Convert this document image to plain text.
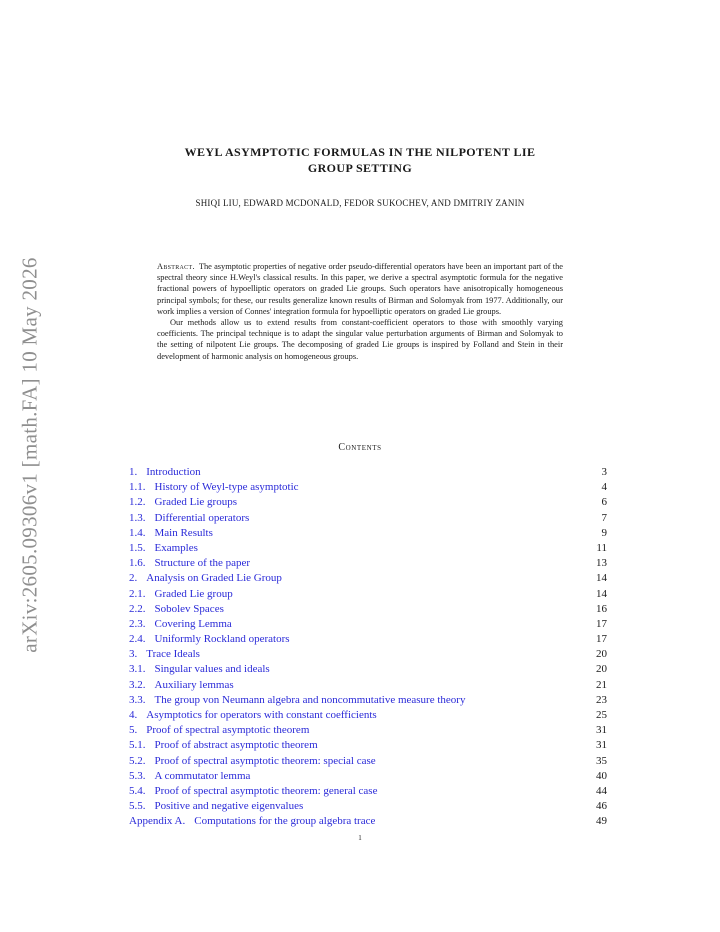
arXiv:2605.09306v1 [math.FA] 10 May 2026
WEYL ASYMPTOTIC FORMULAS IN THE NILPOTENT LIE
GROUP SETTING
SHIQI LIU, EDWARD MCDONALD, FEDOR SUKOCHEV, AND DMITRIY ZANIN

Abstract. The asymptotic properties of negative order pseudo-differential operators have been an important part of the spectral theory since H.Weyl's classical results. In this paper, we derive a spectral asymptotic formula for the negative fractional powers of hypoelliptic operators on graded Lie groups. Such operators have anisotropically homogeneous principal symbols; for these, our results generalize known results of Birman and Solomyak from 1977. Additionally, our work implies a version of Connes' integration formula for hypoelliptic operators on graded Lie groups.

Our methods allow us to extend results from constant-coefficient operators to those with smoothly varying coefficients. The principal technique is to adapt the singular value perturbation arguments of Birman and Solomyak to the setting of nilpotent Lie groups. The decomposing of graded Lie groups is inspired by Folland and Stein in their development of harmonic analysis on homogeneous groups.

Contents
1. Introduction	3
1.1. History of Weyl-type asymptotic	4
1.2. Graded Lie groups	6
1.3. Differential operators	7
1.4. Main Results	9
1.5. Examples	11
1.6. Structure of the paper	13
2. Analysis on Graded Lie Group	14
2.1. Graded Lie group	14
2.2. Sobolev Spaces	16
2.3. Covering Lemma	17
2.4. Uniformly Rockland operators	17
3. Trace Ideals	20
3.1. Singular values and ideals	20
3.2. Auxiliary lemmas	21
3.3. The group von Neumann algebra and noncommutative measure theory	23
4. Asymptotics for operators with constant coefficients	25
5. Proof of spectral asymptotic theorem	31
5.1. Proof of abstract asymptotic theorem	31
5.2. Proof of spectral asymptotic theorem: special case	35
5.3. A commutator lemma	40
5.4. Proof of spectral asymptotic theorem: general case	44
5.5. Positive and negative eigenvalues	46
Appendix A. Computations for the group algebra trace	49
1
